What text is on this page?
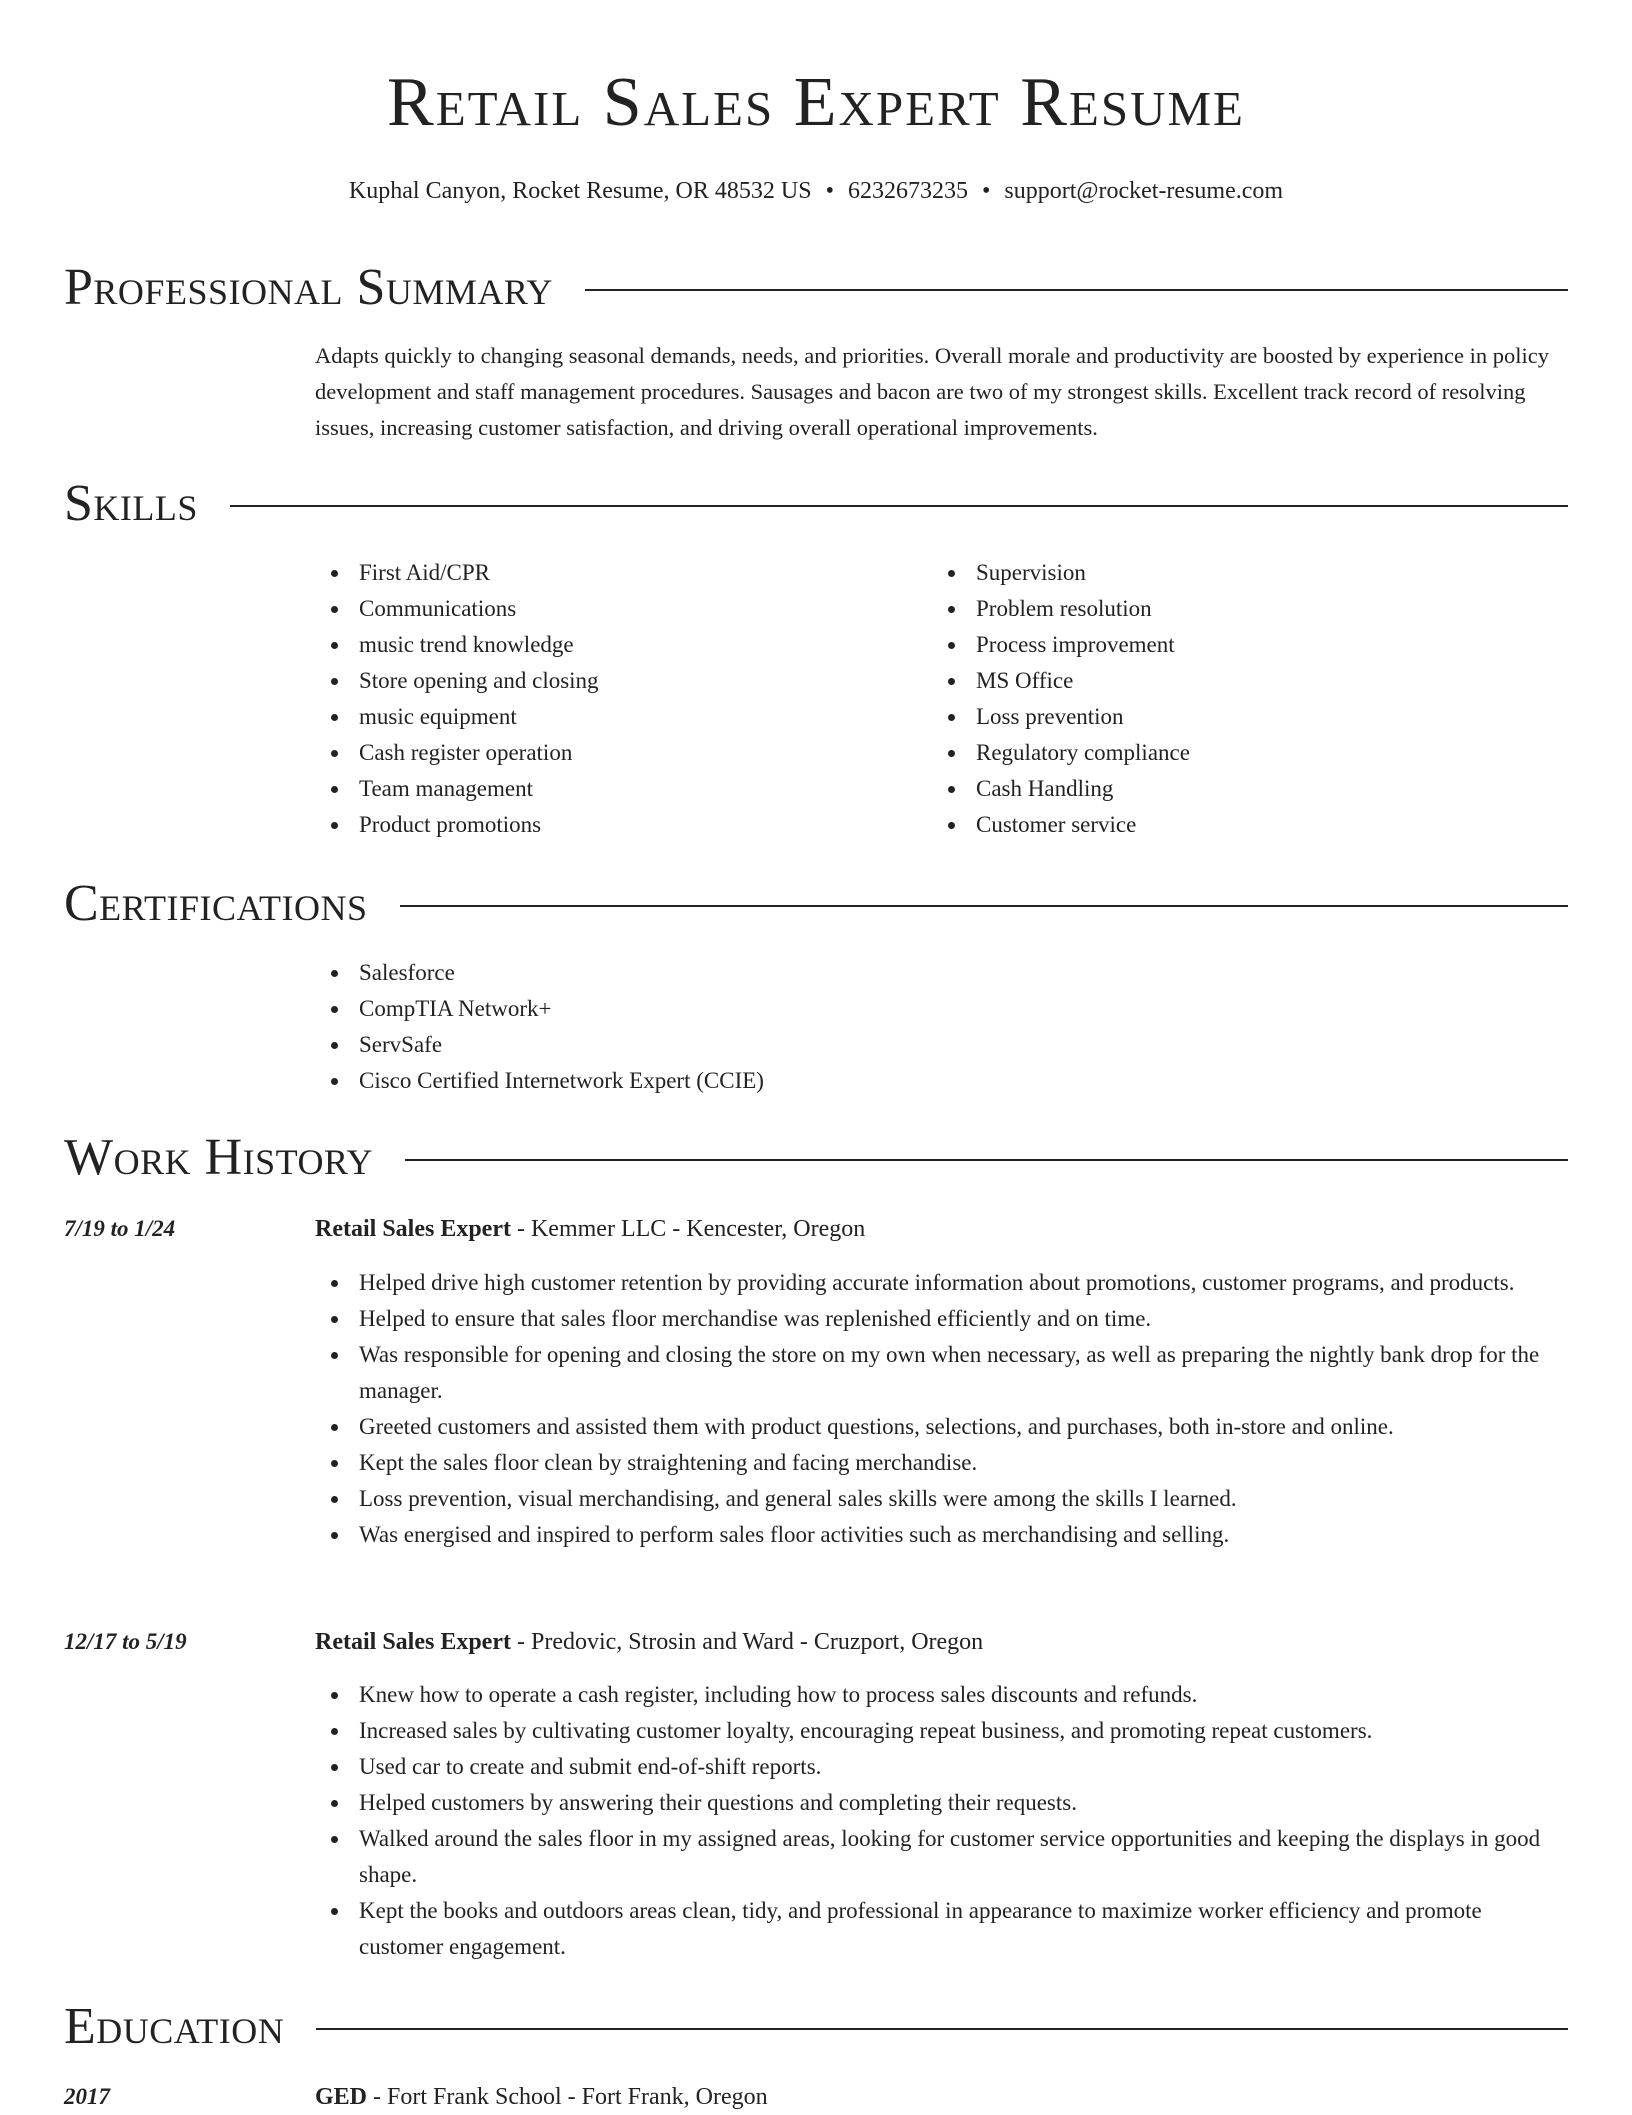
Retail Sales Expert Resume
Kuphal Canyon, Rocket Resume, OR 48532 US • 6232673235 • support@rocket-resume.com
Professional Summary
Adapts quickly to changing seasonal demands, needs, and priorities. Overall morale and productivity are boosted by experience in policy development and staff management procedures. Sausages and bacon are two of my strongest skills. Excellent track record of resolving issues, increasing customer satisfaction, and driving overall operational improvements.
Skills
First Aid/CPR
Communications
music trend knowledge
Store opening and closing
music equipment
Cash register operation
Team management
Product promotions
Supervision
Problem resolution
Process improvement
MS Office
Loss prevention
Regulatory compliance
Cash Handling
Customer service
Certifications
Salesforce
CompTIA Network+
ServSafe
Cisco Certified Internetwork Expert (CCIE)
Work History
7/19 to 1/24	Retail Sales Expert - Kemmer LLC - Kencester, Oregon
Helped drive high customer retention by providing accurate information about promotions, customer programs, and products.
Helped to ensure that sales floor merchandise was replenished efficiently and on time.
Was responsible for opening and closing the store on my own when necessary, as well as preparing the nightly bank drop for the manager.
Greeted customers and assisted them with product questions, selections, and purchases, both in-store and online.
Kept the sales floor clean by straightening and facing merchandise.
Loss prevention, visual merchandising, and general sales skills were among the skills I learned.
Was energised and inspired to perform sales floor activities such as merchandising and selling.
12/17 to 5/19	Retail Sales Expert - Predovic, Strosin and Ward - Cruzport, Oregon
Knew how to operate a cash register, including how to process sales discounts and refunds.
Increased sales by cultivating customer loyalty, encouraging repeat business, and promoting repeat customers.
Used car to create and submit end-of-shift reports.
Helped customers by answering their questions and completing their requests.
Walked around the sales floor in my assigned areas, looking for customer service opportunities and keeping the displays in good shape.
Kept the books and outdoors areas clean, tidy, and professional in appearance to maximize worker efficiency and promote customer engagement.
Education
2017	GED - Fort Frank School - Fort Frank, Oregon
